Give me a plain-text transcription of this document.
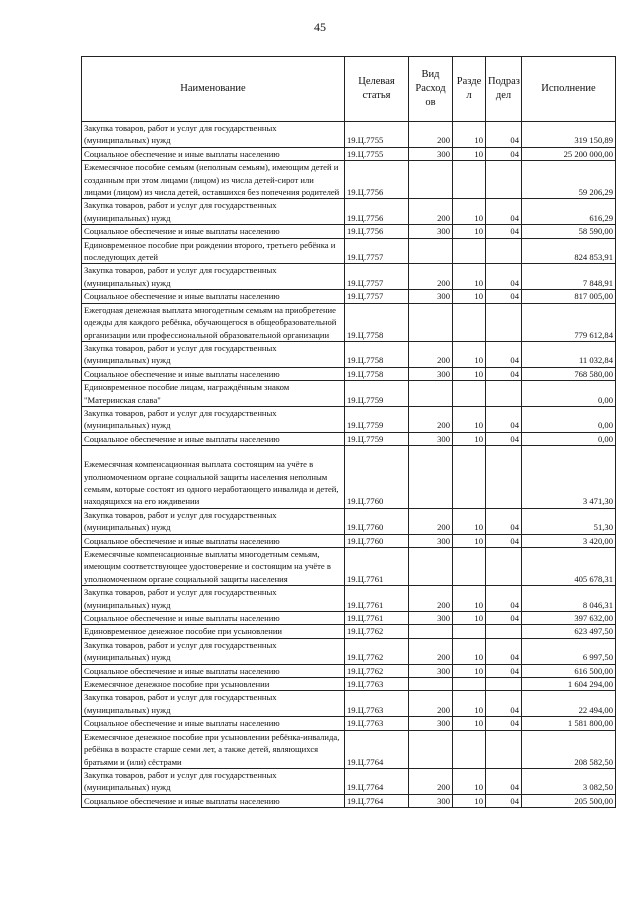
45
Наименование	Целевая статья	Вид Расход ов	Разде л	Подраз дел	Исполнение
Закупка товаров, работ и услуг для государственных (муниципальных) нужд	19.Ц.7755	200	10	04	319 150,89
Социальное обеспечение и иные выплаты населению	19.Ц.7755	300	10	04	25 200 000,00
Ежемесячное пособие семьям (неполным семьям), имеющим детей и созданным при этом лицами (лицом) из числа детей-сирот или лицами (лицом) из числа детей, оставшихся без попечения родителей	19.Ц.7756				59 206,29
Закупка товаров, работ и услуг для государственных (муниципальных) нужд	19.Ц.7756	200	10	04	616,29
Социальное обеспечение и иные выплаты населению	19.Ц.7756	300	10	04	58 590,00
Единовременное пособие при рождении второго, третьего ребёнка и последующих детей	19.Ц.7757				824 853,91
Закупка товаров, работ и услуг для государственных (муниципальных) нужд	19.Ц.7757	200	10	04	7 848,91
Социальное обеспечение и иные выплаты населению	19.Ц.7757	300	10	04	817 005,00
Ежегодная денежная выплата многодетным семьям на приобретение одежды для каждого ребёнка, обучающегося в общеобразовательной организации или профессиональной образовательной организации	19.Ц.7758				779 612,84
Закупка товаров, работ и услуг для государственных (муниципальных) нужд	19.Ц.7758	200	10	04	11 032,84
Социальное обеспечение и иные выплаты населению	19.Ц.7758	300	10	04	768 580,00
Единовременное пособие лицам, награждённым знаком "Материнская слава"	19.Ц.7759				0,00
Закупка товаров, работ и услуг для государственных (муниципальных) нужд	19.Ц.7759	200	10	04	0,00
Социальное обеспечение и иные выплаты населению	19.Ц.7759	300	10	04	0,00
Ежемесячная компенсационная выплата состоящим на учёте в уполномоченном органе социальной защиты населения неполным семьям, которые состоят из одного неработающего инвалида и детей, находящихся на его иждивении	19.Ц.7760				3 471,30
Закупка товаров, работ и услуг для государственных (муниципальных) нужд	19.Ц.7760	200	10	04	51,30
Социальное обеспечение и иные выплаты населению	19.Ц.7760	300	10	04	3 420,00
Ежемесячные компенсационные выплаты многодетным семьям, имеющим соответствующее удостоверение и состоящим на учёте в уполномоченном органе социальной защиты населения	19.Ц.7761				405 678,31
Закупка товаров, работ и услуг для государственных (муниципальных) нужд	19.Ц.7761	200	10	04	8 046,31
Социальное обеспечение и иные выплаты населению	19.Ц.7761	300	10	04	397 632,00
Единовременное денежное пособие при усыновлении	19.Ц.7762				623 497,50
Закупка товаров, работ и услуг для государственных (муниципальных) нужд	19.Ц.7762	200	10	04	6 997,50
Социальное обеспечение и иные выплаты населению	19.Ц.7762	300	10	04	616 500,00
Ежемесячное денежное пособие при усыновлении	19.Ц.7763				1 604 294,00
Закупка товаров, работ и услуг для государственных (муниципальных) нужд	19.Ц.7763	200	10	04	22 494,00
Социальное обеспечение и иные выплаты населению	19.Ц.7763	300	10	04	1 581 800,00
Ежемесячное денежное пособие при усыновлении ребёнка-инвалида, ребёнка в возрасте старше семи лет, а также детей, являющихся братьями и (или) сёстрами	19.Ц.7764				208 582,50
Закупка товаров, работ и услуг для государственных (муниципальных) нужд	19.Ц.7764	200	10	04	3 082,50
Социальное обеспечение и иные выплаты населению	19.Ц.7764	300	10	04	205 500,00
